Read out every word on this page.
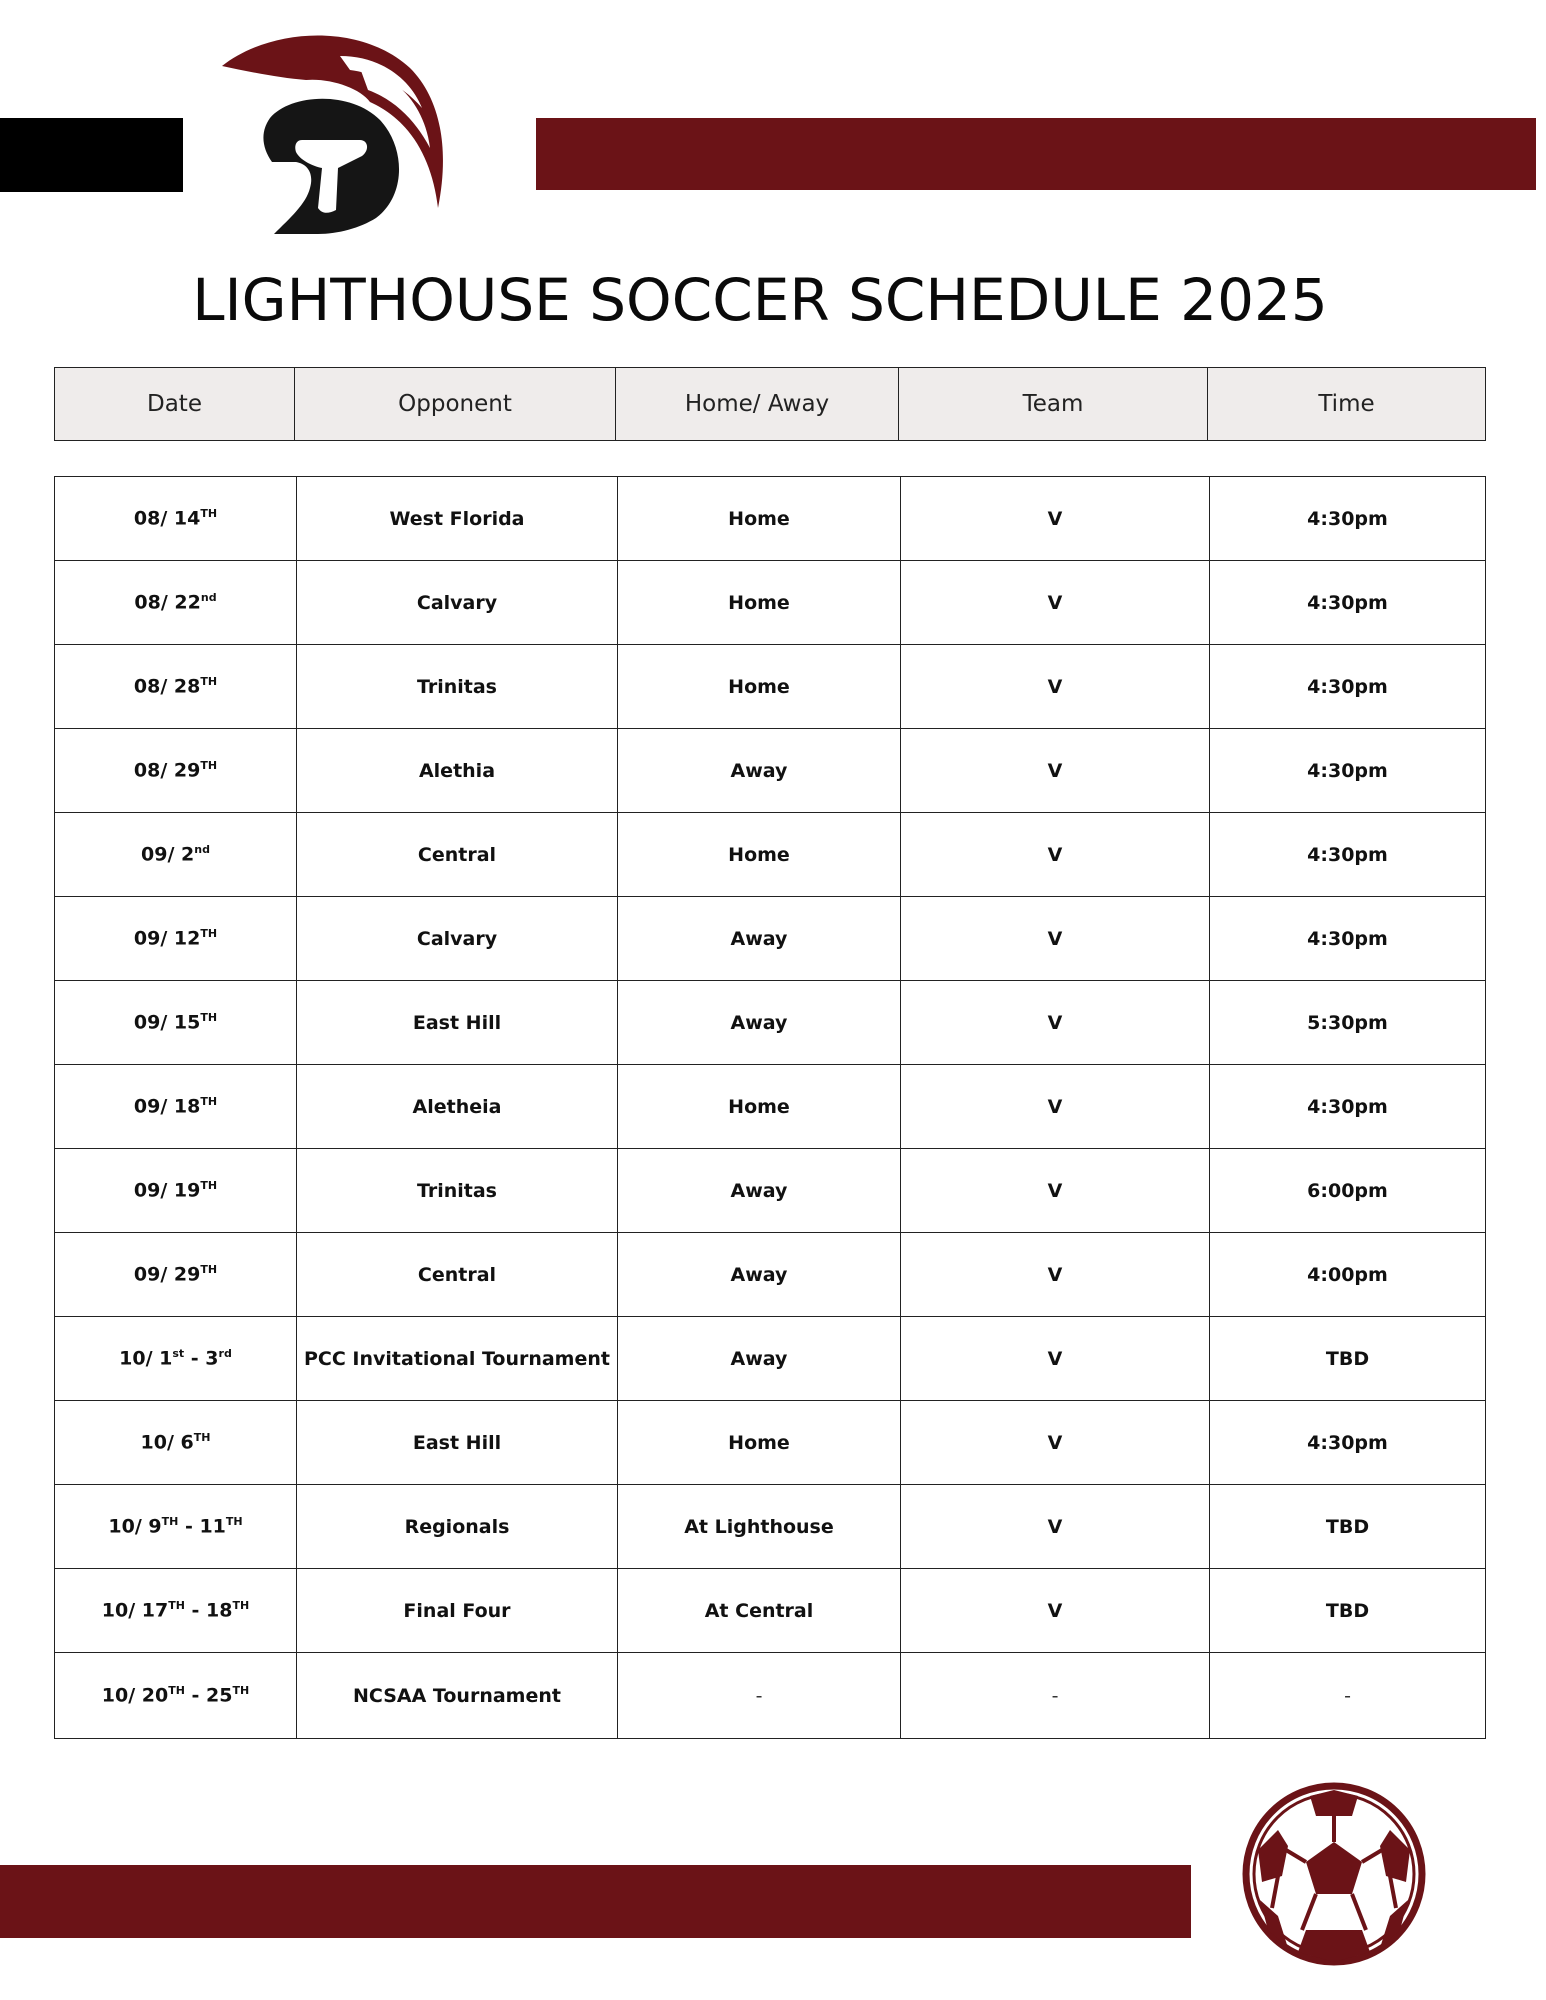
LIGHTHOUSE SOCCER SCHEDULE 2025
Date	Opponent	Home/ Away	Team	Time
08/ 14TH	West Florida	Home	V	4:30pm
08/ 22nd	Calvary	Home	V	4:30pm
08/ 28TH	Trinitas	Home	V	4:30pm
08/ 29TH	Alethia	Away	V	4:30pm
09/ 2nd	Central	Home	V	4:30pm
09/ 12TH	Calvary	Away	V	4:30pm
09/ 15TH	East Hill	Away	V	5:30pm
09/ 18TH	Aletheia	Home	V	4:30pm
09/ 19TH	Trinitas	Away	V	6:00pm
09/ 29TH	Central	Away	V	4:00pm
10/ 1st - 3rd	PCC Invitational Tournament	Away	V	TBD
10/ 6TH	East Hill	Home	V	4:30pm
10/ 9TH - 11TH	Regionals	At Lighthouse	V	TBD
10/ 17TH - 18TH	Final Four	At Central	V	TBD
10/ 20TH - 25TH	NCSAA Tournament	-	-	-
